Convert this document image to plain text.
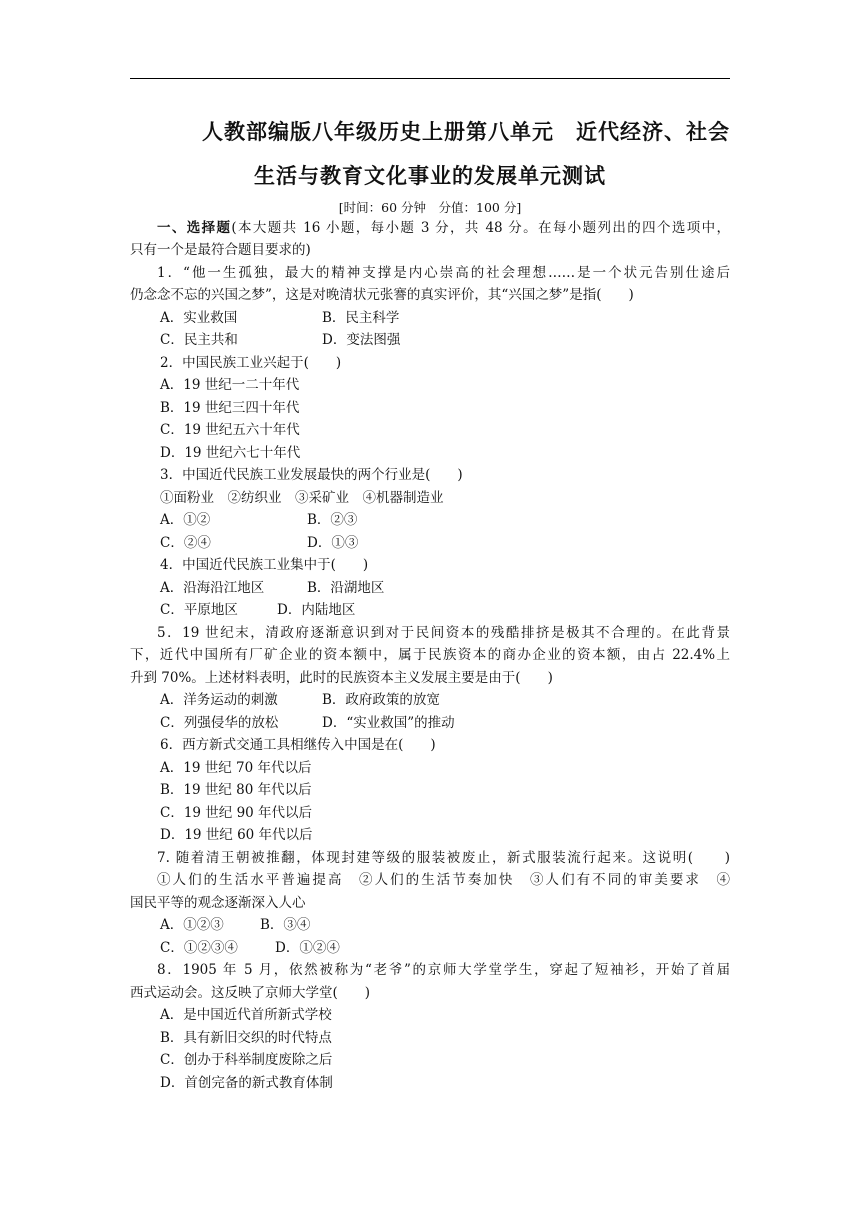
人教部编版八年级历史上册第八单元　近代经济、社会
生活与教育文化事业的发展单元测试
[时间：60 分钟　分值：100 分]
一、选择题(本大题共 16 小题，每小题 3 分，共 48 分。在每小题列出的四个选项中，
只有一个是最符合题目要求的)
1．“他一生孤独，最大的精神支撑是内心崇高的社会理想……是一个状元告别仕途后
仍念念不忘的兴国之梦”，这是对晚清状元张謇的真实评价，其“兴国之梦”是指(　　)
A．实业救国	B．民主科学
C．民主共和	D．变法图强
2．中国民族工业兴起于(　　)
A．19 世纪一二十年代
B．19 世纪三四十年代
C．19 世纪五六十年代
D．19 世纪六七十年代
3．中国近代民族工业发展最快的两个行业是(　　)
①面粉业　②纺织业　③采矿业　④机器制造业
A．①②	B．②③
C．②④	D．①③
4．中国近代民族工业集中于(　　)
A．沿海沿江地区	B．沿湖地区
C．平原地区	D．内陆地区
5．19 世纪末，清政府逐渐意识到对于民间资本的残酷排挤是极其不合理的。在此背景
下，近代中国所有厂矿企业的资本额中，属于民族资本的商办企业的资本额，由占 22.4%上
升到 70%。上述材料表明，此时的民族资本主义发展主要是由于(　　)
A．洋务运动的刺激	B．政府政策的放宽
C．列强侵华的放松	D．“实业救国”的推动
6．西方新式交通工具相继传入中国是在(　　)
A．19 世纪 70 年代以后
B．19 世纪 80 年代以后
C．19 世纪 90 年代以后
D．19 世纪 60 年代以后
7. 随着清王朝被推翻，体现封建等级的服装被废止，新式服装流行起来。这说明(　　)
①人们的生活水平普遍提高　②人们的生活节奏加快　③人们有不同的审美要求　④
国民平等的观念逐渐深入人心
A．①②③	B．③④
C．①②③④	D．①②④
8．1905 年 5 月，依然被称为“老爷”的京师大学堂学生，穿起了短袖衫，开始了首届
西式运动会。这反映了京师大学堂(　　)
A．是中国近代首所新式学校
B．具有新旧交织的时代特点
C．创办于科举制度废除之后
D．首创完备的新式教育体制
